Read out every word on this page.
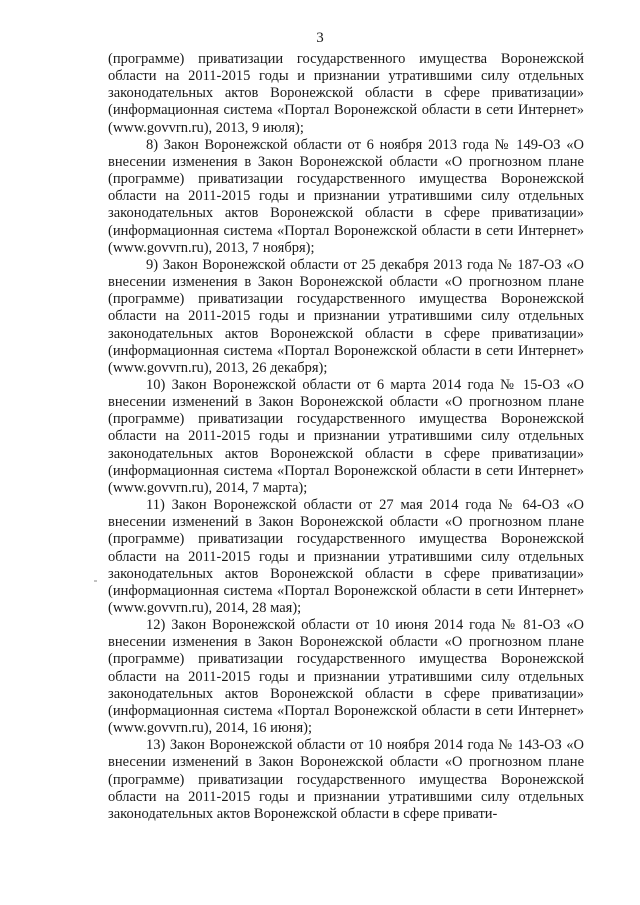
3

(программе) приватизации государственного имущества Воронежской области на 2011-2015 годы и признании утратившими силу отдельных законодательных актов Воронежской области в сфере приватизации» (информационная система «Портал Воронежской области в сети Интернет» (www.govvrn.ru), 2013, 9 июля);

8) Закон Воронежской области от 6 ноября 2013 года № 149-ОЗ «О внесении изменения в Закон Воронежской области «О прогнозном плане (программе) приватизации государственного имущества Воронежской области на 2011-2015 годы и признании утратившими силу отдельных законодательных актов Воронежской области в сфере приватизации» (информационная система «Портал Воронежской области в сети Интернет» (www.govvrn.ru), 2013, 7 ноября);

9) Закон Воронежской области от 25 декабря 2013 года № 187-ОЗ «О внесении изменения в Закон Воронежской области «О прогнозном плане (программе) приватизации государственного имущества Воронежской области на 2011-2015 годы и признании утратившими силу отдельных законодательных актов Воронежской области в сфере приватизации» (информационная система «Портал Воронежской области в сети Интернет» (www.govvrn.ru), 2013, 26 декабря);

10) Закон Воронежской области от 6 марта 2014 года № 15-ОЗ «О внесении изменений в Закон Воронежской области «О прогнозном плане (программе) приватизации государственного имущества Воронежской области на 2011-2015 годы и признании утратившими силу отдельных законодательных актов Воронежской области в сфере приватизации» (информационная система «Портал Воронежской области в сети Интернет» (www.govvrn.ru), 2014, 7 марта);

11) Закон Воронежской области от 27 мая 2014 года № 64-ОЗ «О внесении изменений в Закон Воронежской области «О прогнозном плане (программе) приватизации государственного имущества Воронежской области на 2011-2015 годы и признании утратившими силу отдельных законодательных актов Воронежской области в сфере приватизации» (информационная система «Портал Воронежской области в сети Интернет» (www.govvrn.ru), 2014, 28 мая);

12) Закон Воронежской области от 10 июня 2014 года № 81-ОЗ «О внесении изменения в Закон Воронежской области «О прогнозном плане (программе) приватизации государственного имущества Воронежской области на 2011-2015 годы и признании утратившими силу отдельных законодательных актов Воронежской области в сфере приватизации» (информационная система «Портал Воронежской области в сети Интернет» (www.govvrn.ru), 2014, 16 июня);

13) Закон Воронежской области от 10 ноября 2014 года № 143-ОЗ «О внесении изменений в Закон Воронежской области «О прогнозном плане (программе) приватизации государственного имущества Воронежской области на 2011-2015 годы и признании утратившими силу отдельных законодательных актов Воронежской области в сфере привати-
